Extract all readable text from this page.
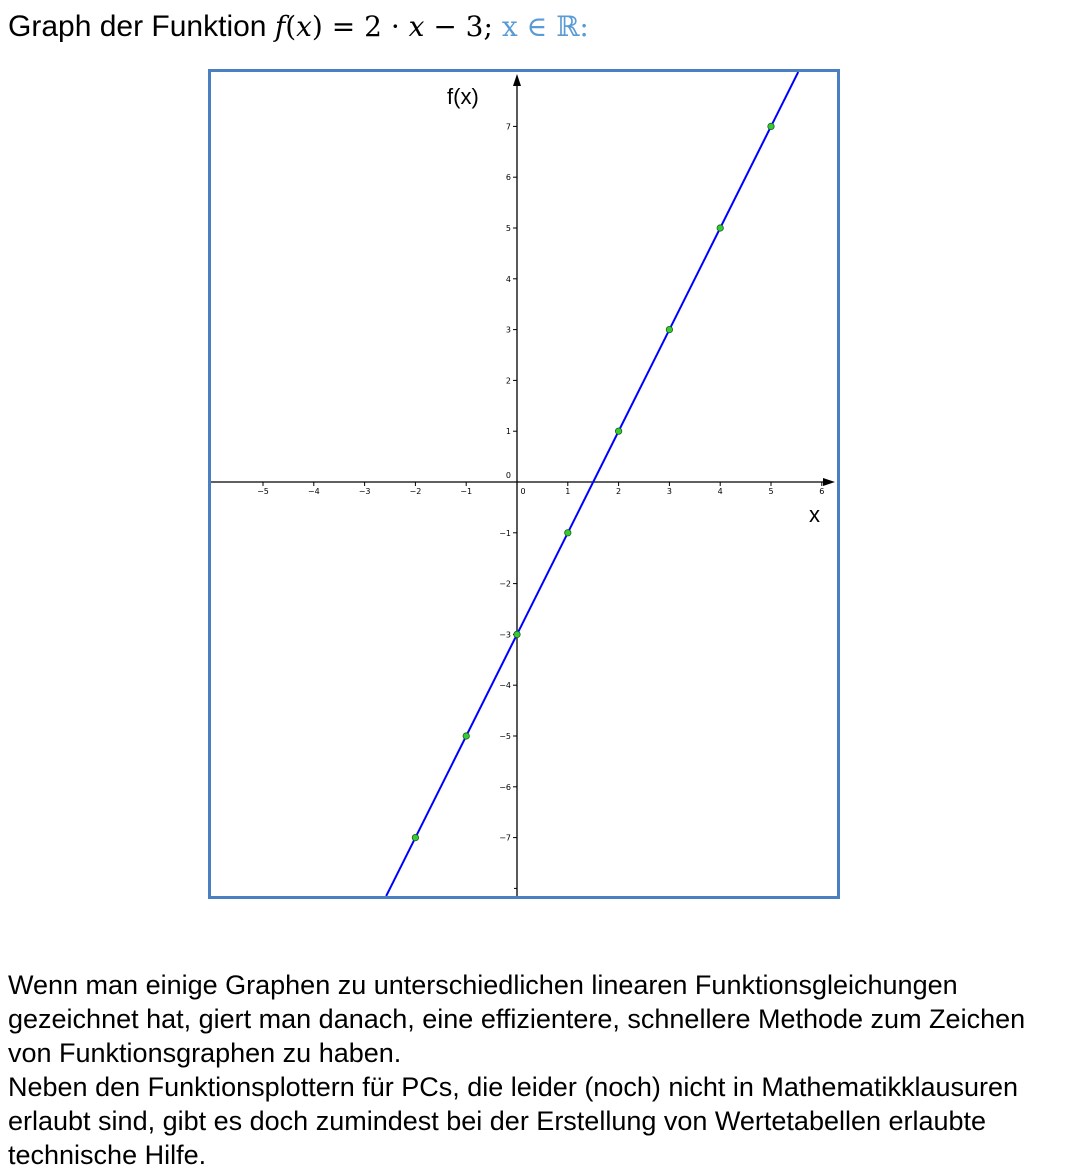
Graph der Funktion f(x) = 2 · x − 3; x ∈ ℝ:
−5	−4	−3	−2	−1	0	1	2	3	4	5	6
−7
−6
−5
−4
−3
−2
−1
0
1
2
3
4
5
6
7
f(x)
x

Wenn man einige Graphen zu unterschiedlichen linearen Funktionsgleichungen gezeichnet hat, giert man danach, eine effizientere, schnellere Methode zum Zeichen von Funktionsgraphen zu haben.

Neben den Funktionsplottern für PCs, die leider (noch) nicht in Mathematikklausuren erlaubt sind, gibt es doch zumindest bei der Erstellung von Wertetabellen erlaubte technische Hilfe.
